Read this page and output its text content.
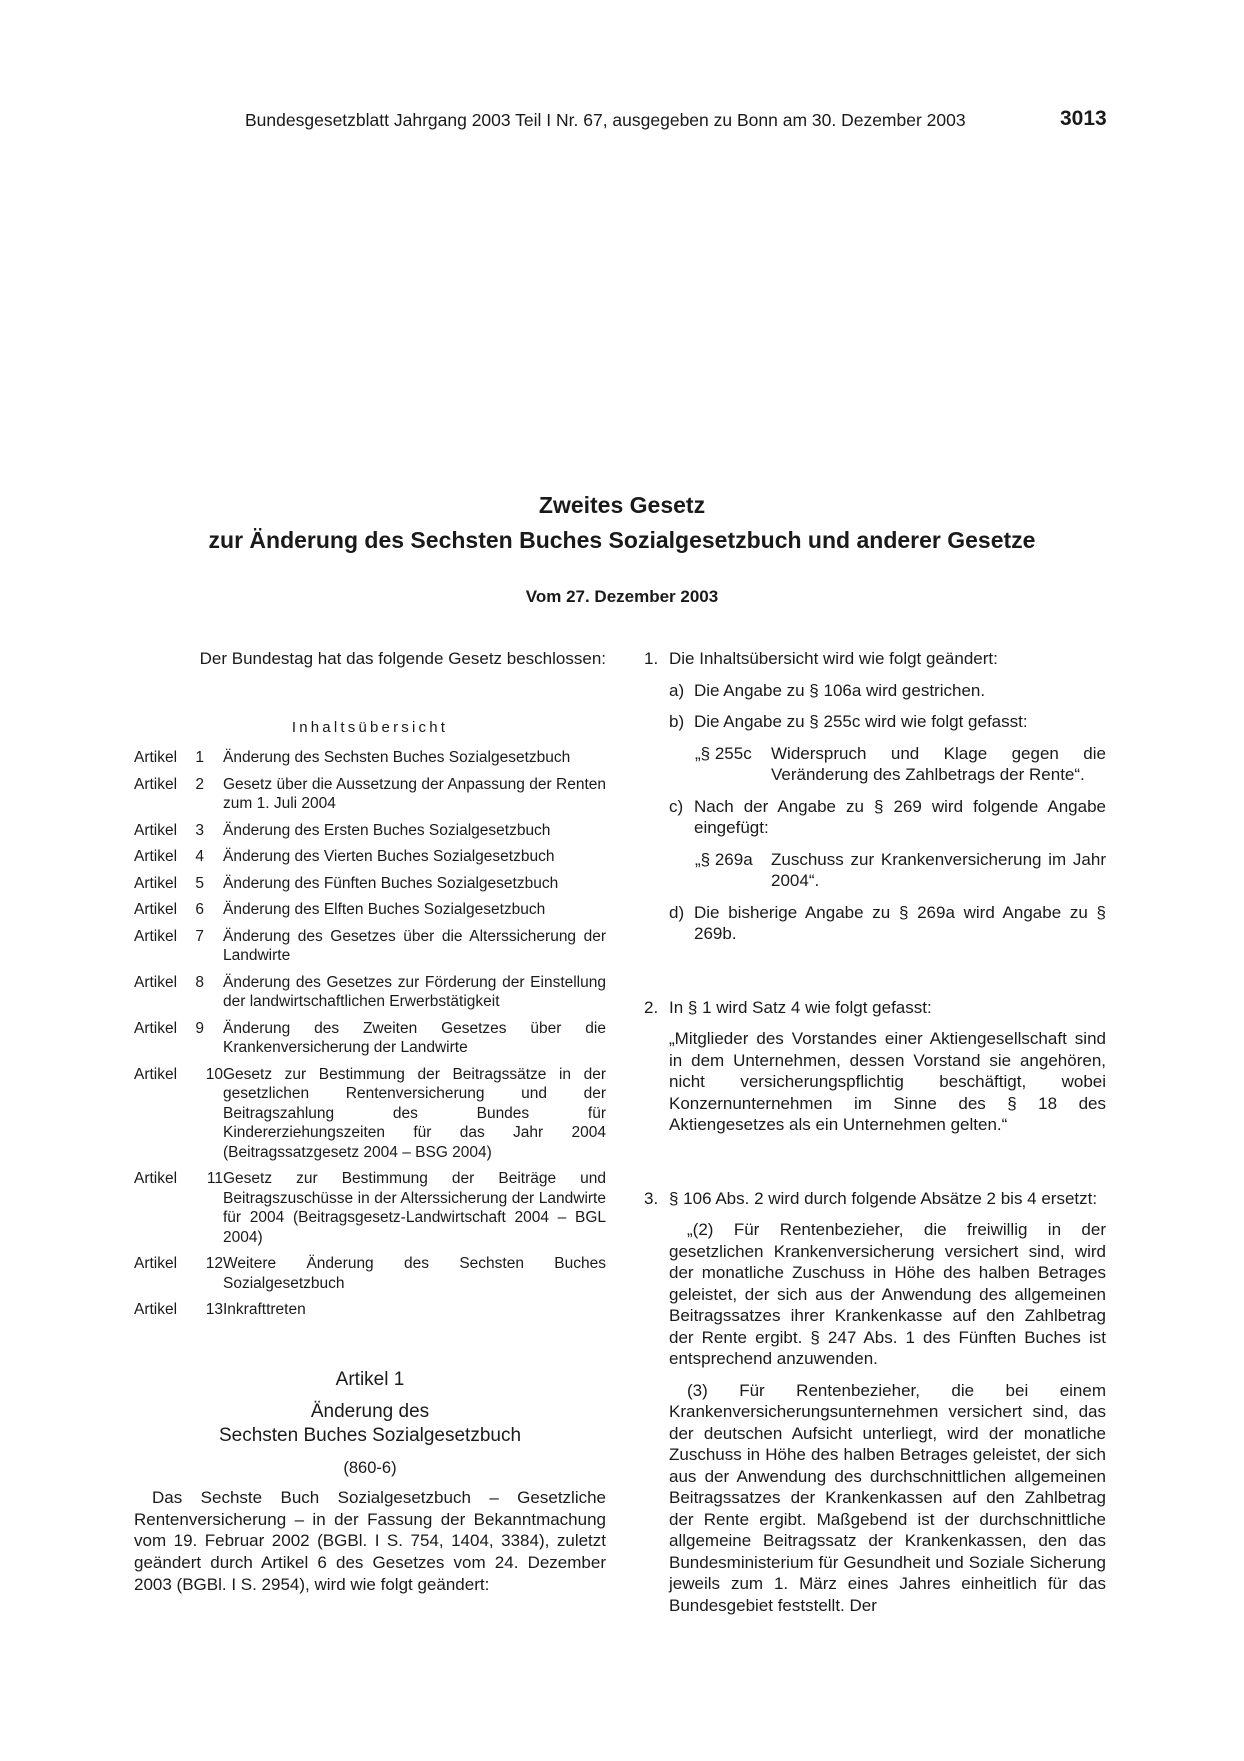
Bundesgesetzblatt Jahrgang 2003 Teil I Nr. 67, ausgegeben zu Bonn am 30. Dezember 2003	3013
Zweites Gesetz
zur Änderung des Sechsten Buches Sozialgesetzbuch und anderer Gesetze
Vom 27. Dezember 2003

Der Bundestag hat das folgende Gesetz beschlossen:

Inhaltsübersicht
Artikel 1	Änderung des Sechsten Buches Sozialgesetzbuch
Artikel 2	Gesetz über die Aussetzung der Anpassung der Renten zum 1. Juli 2004
Artikel 3	Änderung des Ersten Buches Sozialgesetzbuch
Artikel 4	Änderung des Vierten Buches Sozialgesetzbuch
Artikel 5	Änderung des Fünften Buches Sozialgesetzbuch
Artikel 6	Änderung des Elften Buches Sozialgesetzbuch
Artikel 7	Änderung des Gesetzes über die Alterssicherung der Landwirte
Artikel 8	Änderung des Gesetzes zur Förderung der Einstellung der landwirtschaftlichen Erwerbstätigkeit
Artikel 9	Änderung des Zweiten Gesetzes über die Krankenversicherung der Landwirte
Artikel 10 Gesetz zur Bestimmung der Beitragssätze in der gesetzlichen Rentenversicherung und der Beitragszahlung des Bundes für Kindererziehungszeiten für das Jahr 2004 (Beitragssatzgesetz 2004 – BSG 2004)
Artikel 11 Gesetz zur Bestimmung der Beiträge und Beitragszuschüsse in der Alterssicherung der Landwirte für 2004 (Beitragsgesetz-Landwirtschaft 2004 – BGL 2004)
Artikel 12 Weitere Änderung des Sechsten Buches Sozialgesetzbuch
Artikel 13 Inkrafttreten
Artikel 1
Änderung des
Sechsten Buches Sozialgesetzbuch
(860-6)

Das Sechste Buch Sozialgesetzbuch – Gesetzliche Rentenversicherung – in der Fassung der Bekanntmachung vom 19. Februar 2002 (BGBl. I S. 754, 1404, 3384), zuletzt geändert durch Artikel 6 des Gesetzes vom 24. Dezember 2003 (BGBl. I S. 2954), wird wie folgt geändert:

1. Die Inhaltsübersicht wird wie folgt geändert:
a) Die Angabe zu § 106a wird gestrichen.
b) Die Angabe zu § 255c wird wie folgt gefasst:
„§ 255c	Widerspruch und Klage gegen die Veränderung des Zahlbetrags der Rente“.
c) Nach der Angabe zu § 269 wird folgende Angabe eingefügt:
„§ 269a	Zuschuss zur Krankenversicherung im Jahr 2004“.
d) Die bisherige Angabe zu § 269a wird Angabe zu § 269b.
2. In § 1 wird Satz 4 wie folgt gefasst:

„Mitglieder des Vorstandes einer Aktiengesellschaft sind in dem Unternehmen, dessen Vorstand sie angehören, nicht versicherungspflichtig beschäftigt, wobei Konzernunternehmen im Sinne des § 18 des Aktiengesetzes als ein Unternehmen gelten.“

3. § 106 Abs. 2 wird durch folgende Absätze 2 bis 4 ersetzt:

„(2) Für Rentenbezieher, die freiwillig in der gesetzlichen Krankenversicherung versichert sind, wird der monatliche Zuschuss in Höhe des halben Betrages geleistet, der sich aus der Anwendung des allgemeinen Beitragssatzes ihrer Krankenkasse auf den Zahlbetrag der Rente ergibt. § 247 Abs. 1 des Fünften Buches ist entsprechend anzuwenden.

(3) Für Rentenbezieher, die bei einem Krankenversicherungsunternehmen versichert sind, das der deutschen Aufsicht unterliegt, wird der monatliche Zuschuss in Höhe des halben Betrages geleistet, der sich aus der Anwendung des durchschnittlichen allgemeinen Beitragssatzes der Krankenkassen auf den Zahlbetrag der Rente ergibt. Maßgebend ist der durchschnittliche allgemeine Beitragssatz der Krankenkassen, den das Bundesministerium für Gesundheit und Soziale Sicherung jeweils zum 1. März eines Jahres einheitlich für das Bundesgebiet feststellt. Der
